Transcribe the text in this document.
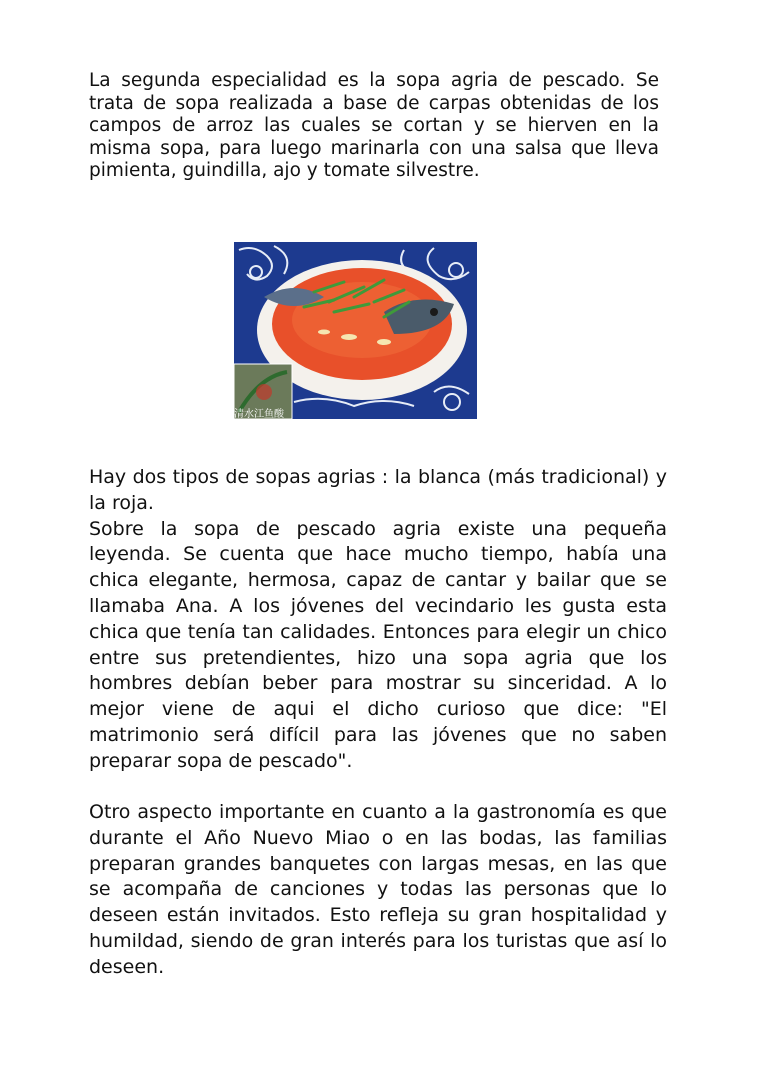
La segunda especialidad es la sopa agria de pescado. Se trata de sopa realizada a base de carpas obtenidas de los campos de arroz las cuales se cortan y se hierven en la misma sopa, para luego marinarla con una salsa que lleva pimienta, guindilla, ajo y tomate silvestre.

清水江鱼酸
Hay dos tipos de sopas agrias : la blanca (más tradicional) y la roja.
Sobre la sopa de pescado agria existe una pequeña leyenda. Se cuenta que hace mucho tiempo, había una chica elegante, hermosa, capaz de cantar y bailar que se llamaba Ana. A los jóvenes del vecindario les gusta esta chica que tenía tan calidades. Entonces para elegir un chico entre sus pretendientes, hizo una sopa agria que los hombres debían beber para mostrar su sinceridad. A lo mejor viene de aqui el dicho curioso que dice: "El matrimonio será difícil para las jóvenes que no saben preparar sopa de pescado".

Otro aspecto importante en cuanto a la gastronomía es que durante el Año Nuevo Miao o en las bodas, las familias preparan grandes banquetes con largas mesas, en las que se acompaña de canciones y todas las personas que lo deseen están invitados. Esto refleja su gran hospitalidad y humildad, siendo de gran interés para los turistas que así lo deseen.
